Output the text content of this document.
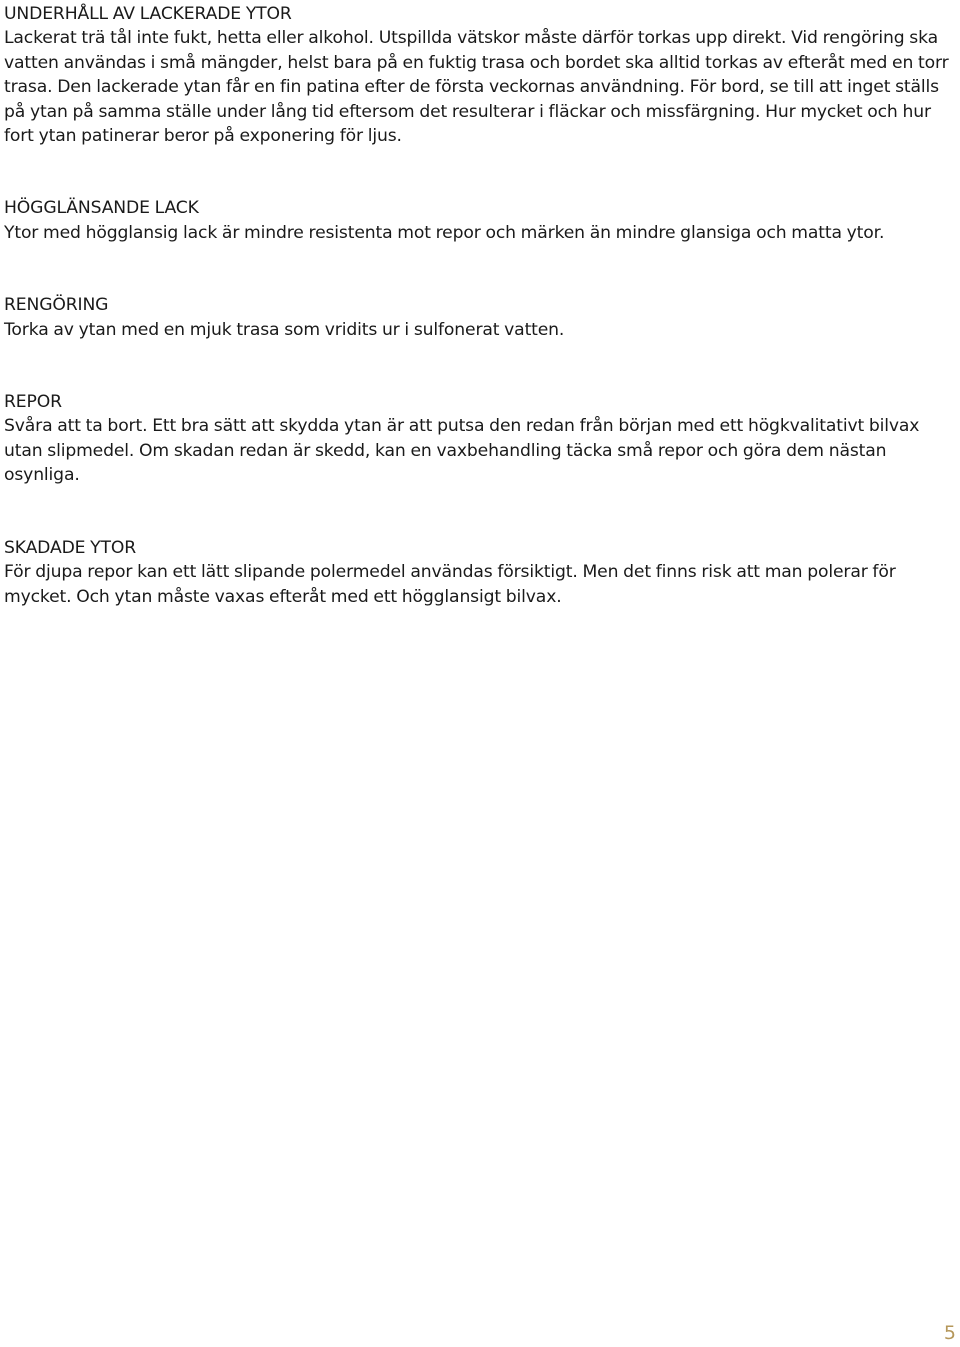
UNDERHÅLL AV LACKERADE YTOR

Lackerat trä tål inte fukt, hetta eller alkohol. Utspillda vätskor måste därför torkas upp direkt. Vid rengöring ska vatten användas i små mängder, helst bara på en fuktig trasa och bordet ska alltid torkas av efteråt med en torr trasa. Den lackerade ytan får en fin patina efter de första veckornas användning. För bord, se till att inget ställs på ytan på samma ställe under lång tid eftersom det resulterar i fläckar och missfärgning. Hur mycket och hur fort ytan patinerar beror på exponering för ljus.

HÖGGLÄNSANDE LACK

Ytor med högglansig lack är mindre resistenta mot repor och märken än mindre glansiga och matta ytor.

RENGÖRING

Torka av ytan med en mjuk trasa som vridits ur i sulfonerat vatten.

REPOR

Svåra att ta bort. Ett bra sätt att skydda ytan är att putsa den redan från början med ett högkvalitativt bilvax utan slipmedel. Om skadan redan är skedd, kan en vaxbehandling täcka små repor och göra dem nästan osynliga.

SKADADE YTOR

För djupa repor kan ett lätt slipande polermedel användas försiktigt. Men det finns risk att man polerar för mycket. Och ytan måste vaxas efteråt med ett högglansigt bilvax.

5
